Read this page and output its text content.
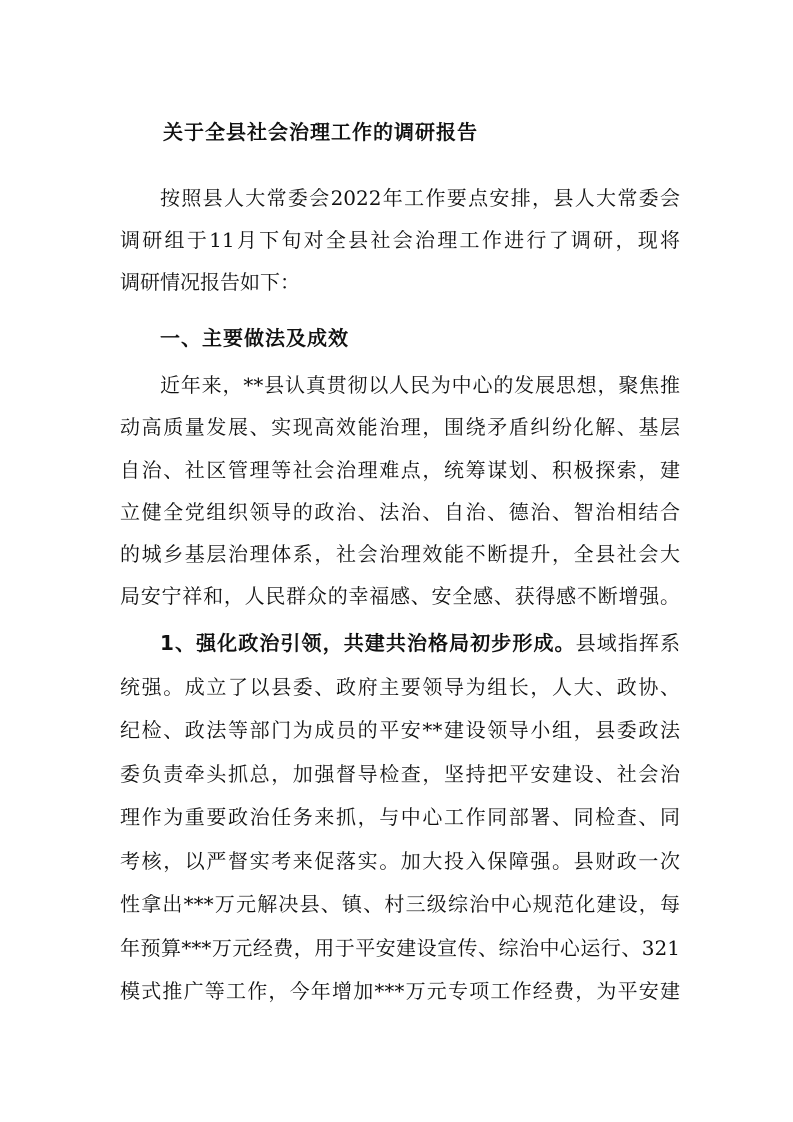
关于全县社会治理工作的调研报告
按照县人大常委会2022年工作要点安排，县人大常委会
调研组于11月下旬对全县社会治理工作进行了调研，现将
调研情况报告如下：
一、主要做法及成效
近年来，**县认真贯彻以人民为中心的发展思想，聚焦推
动高质量发展、实现高效能治理，围绕矛盾纠纷化解、基层
自治、社区管理等社会治理难点，统筹谋划、积极探索，建
立健全党组织领导的政治、法治、自治、德治、智治相结合
的城乡基层治理体系，社会治理效能不断提升，全县社会大
局安宁祥和，人民群众的幸福感、安全感、获得感不断增强。
1、强化政治引领，共建共治格局初步形成。县域指挥系
统强。成立了以县委、政府主要领导为组长，人大、政协、
纪检、政法等部门为成员的平安**建设领导小组，县委政法
委负责牵头抓总，加强督导检查，坚持把平安建设、社会治
理作为重要政治任务来抓，与中心工作同部署、同检查、同
考核，以严督实考来促落实。加大投入保障强。县财政一次
性拿出***万元解决县、镇、村三级综治中心规范化建设，每
年预算***万元经费，用于平安建设宣传、综治中心运行、321
模式推广等工作，今年增加***万元专项工作经费，为平安建
